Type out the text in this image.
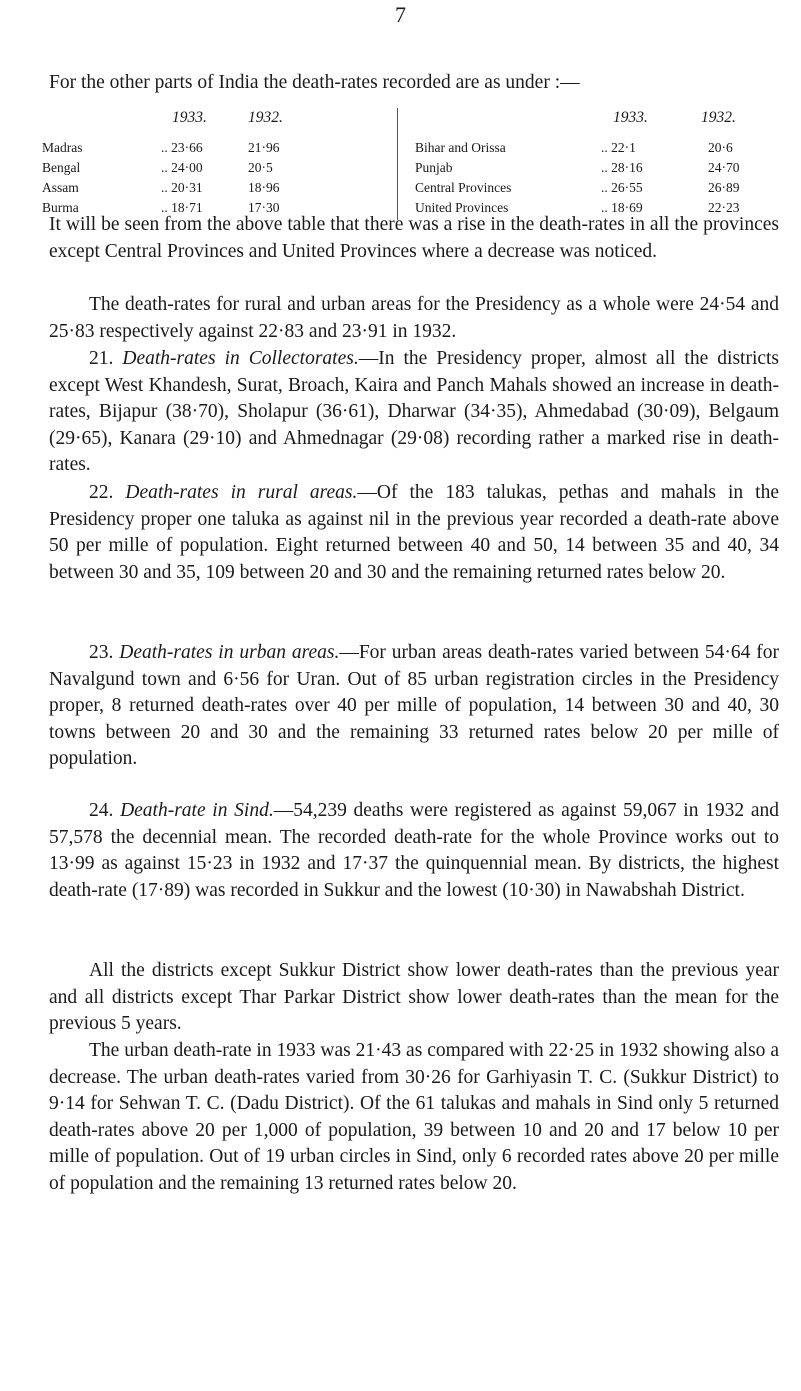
7

For the other parts of India the death-rates recorded are as under :—

1933.	1932.	1933.	1932.
Madras	.. 23·66	21·96	Bihar and Orissa	.. 22·1	20·6
Bengal	.. 24·00	20·5	Punjab	.. 28·16	24·70
Assam	.. 20·31	18·96	Central Provinces	.. 26·55	26·89
Burma	.. 18·71	17·30	United Provinces	.. 18·69	22·23

It will be seen from the above table that there was a rise in the death-rates in all the provinces except Central Provinces and United Provinces where a decrease was noticed.

The death-rates for rural and urban areas for the Presidency as a whole were 24·54 and 25·83 respectively against 22·83 and 23·91 in 1932.

21. Death-rates in Collectorates.—In the Presidency proper, almost all the districts except West Khandesh, Surat, Broach, Kaira and Panch Mahals showed an increase in death-rates, Bijapur (38·70), Sholapur (36·61), Dharwar (34·35), Ahmedabad (30·09), Belgaum (29·65), Kanara (29·10) and Ahmednagar (29·08) recording rather a marked rise in death-rates.

22. Death-rates in rural areas.—Of the 183 talukas, pethas and mahals in the Presidency proper one taluka as against nil in the previous year recorded a death-rate above 50 per mille of population. Eight returned between 40 and 50, 14 between 35 and 40, 34 between 30 and 35, 109 between 20 and 30 and the remaining returned rates below 20.

23. Death-rates in urban areas.—For urban areas death-rates varied between 54·64 for Navalgund town and 6·56 for Uran. Out of 85 urban registration circles in the Presidency proper, 8 returned death-rates over 40 per mille of population, 14 between 30 and 40, 30 towns between 20 and 30 and the remaining 33 returned rates below 20 per mille of population.

24. Death-rate in Sind.—54,239 deaths were registered as against 59,067 in 1932 and 57,578 the decennial mean. The recorded death-rate for the whole Province works out to 13·99 as against 15·23 in 1932 and 17·37 the quinquennial mean. By districts, the highest death-rate (17·89) was recorded in Sukkur and the lowest (10·30) in Nawabshah District.

All the districts except Sukkur District show lower death-rates than the previous year and all districts except Thar Parkar District show lower death-rates than the mean for the previous 5 years.

The urban death-rate in 1933 was 21·43 as compared with 22·25 in 1932 showing also a decrease. The urban death-rates varied from 30·26 for Garhiyasin T. C. (Sukkur District) to 9·14 for Sehwan T. C. (Dadu District). Of the 61 talukas and mahals in Sind only 5 returned death-rates above 20 per 1,000 of population, 39 between 10 and 20 and 17 below 10 per mille of population. Out of 19 urban circles in Sind, only 6 recorded rates above 20 per mille of population and the remaining 13 returned rates below 20.
